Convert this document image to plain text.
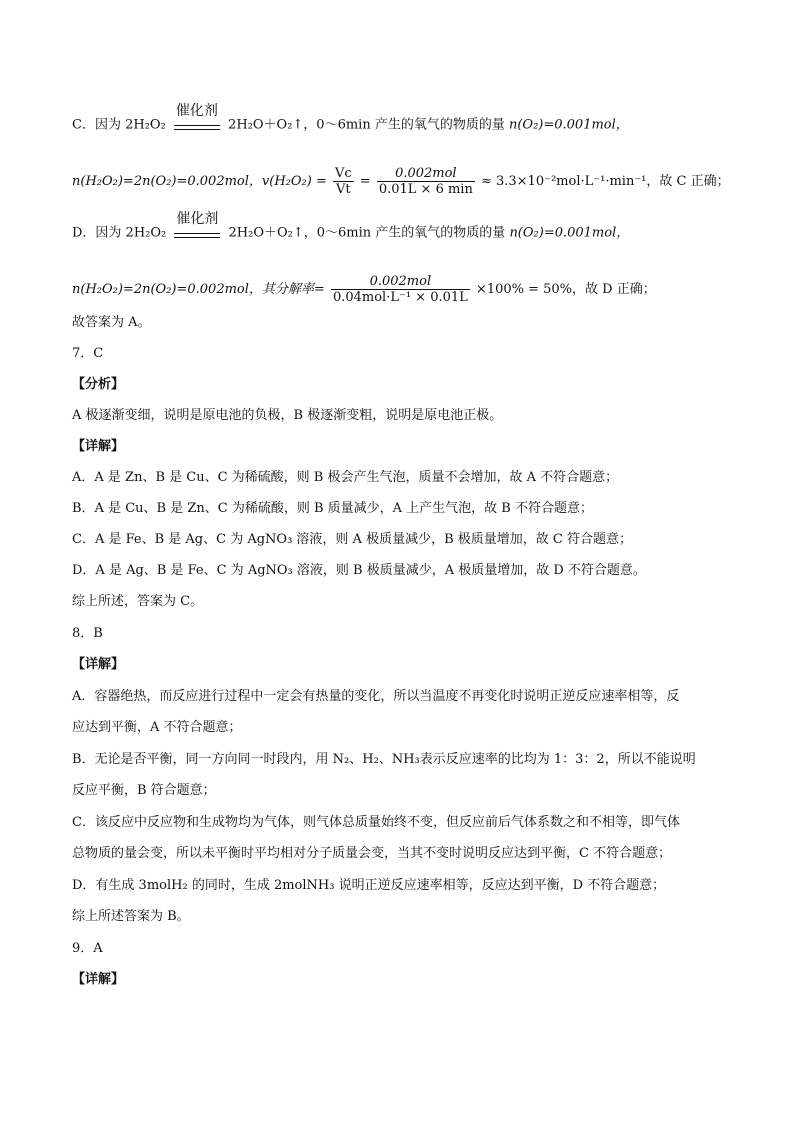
C．因为 2H₂O₂
催化剂
2H₂O＋O₂↑，0～6min 产生的氧气的物质的量 n(O₂)=0.001mol，
n(H₂O₂)=2n(O₂)=0.002mol，$v(H_2O_2) = \frac{Vc}{Vt} = \frac{\text{0.002mol}}{0.01L \times 6 \min} \approx 3.3\times 10^{-2}mol\cdot L^{-1}\cdot\min^{-1}$，故 C 正确；
D．因为 2H₂O₂
催化剂
2H₂O＋O₂↑，0～6min 产生的氧气的物质的量 n(O₂)=0.001mol，
n(H₂O₂)=2n(O₂)=0.002mol，其分解率= $\frac{\text{0.002mol}}{\text{0.04mol·L⁻¹ × 0.01L}} \times 100\% = 50\%$，故 D 正确；
故答案为 A。
7．C
【分析】
A 极逐渐变细，说明是原电池的负极，B 极逐渐变粗，说明是原电池正极。
【详解】
A．A 是 Zn、B 是 Cu、C 为稀硫酸，则 B 极会产生气泡，质量不会增加，故 A 不符合题意；
B．A 是 Cu、B 是 Zn、C 为稀硫酸，则 B 质量减少，A 上产生气泡，故 B 不符合题意；
C．A 是 Fe、B 是 Ag、C 为 AgNO₃ 溶液，则 A 极质量减少，B 极质量增加，故 C 符合题意；
D．A 是 Ag、B 是 Fe、C 为 AgNO₃ 溶液，则 B 极质量减少，A 极质量增加，故 D 不符合题意。
综上所述，答案为 C。
8．B
【详解】
A．容器绝热，而反应进行过程中一定会有热量的变化，所以当温度不再变化时说明正逆反应速率相等，反
应达到平衡，A 不符合题意；
B．无论是否平衡，同一方向同一时段内，用 N₂、H₂、NH₃表示反应速率的比均为 1：3：2，所以不能说明
反应平衡，B 符合题意；
C．该反应中反应物和生成物均为气体，则气体总质量始终不变，但反应前后气体系数之和不相等，即气体
总物质的量会变，所以未平衡时平均相对分子质量会变，当其不变时说明反应达到平衡，C 不符合题意；
D．有生成 3molH₂ 的同时，生成 2molNH₃ 说明正逆反应速率相等，反应达到平衡，D 不符合题意；
综上所述答案为 B。
9．A
【详解】
